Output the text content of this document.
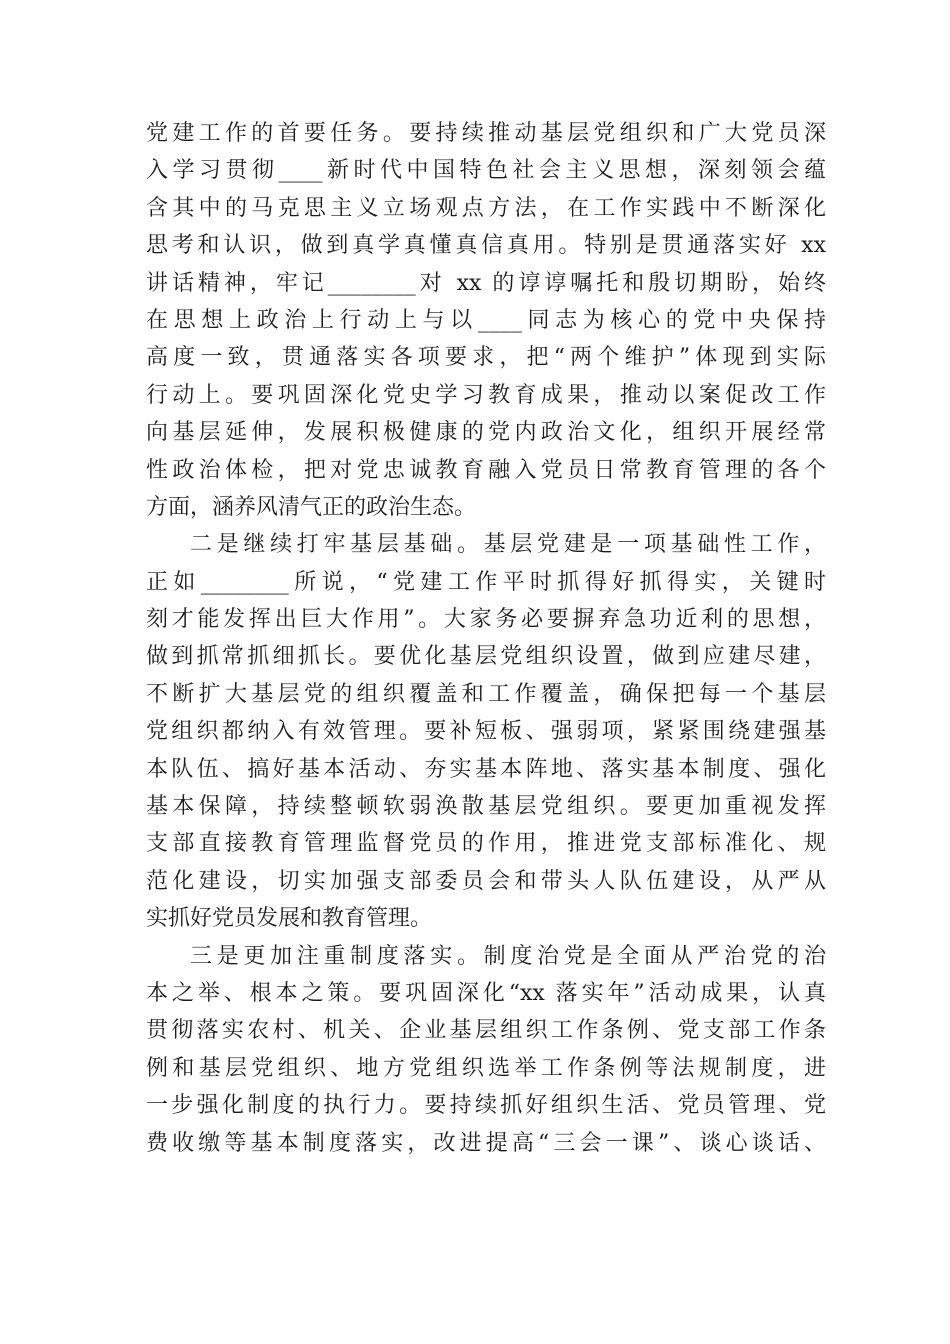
党建工作的首要任务。要持续推动基层党组织和广大党员深
入学习贯彻____新时代中国特色社会主义思想，深刻领会蕴
含其中的马克思主义立场观点方法，在工作实践中不断深化
思考和认识，做到真学真懂真信真用。特别是贯通落实好 xx
讲话精神，牢记________对 xx 的谆谆嘱托和殷切期盼，始终
在思想上政治上行动上与以____同志为核心的党中央保持
高度一致，贯通落实各项要求，把“两个维护”体现到实际
行动上。要巩固深化党史学习教育成果，推动以案促改工作
向基层延伸，发展积极健康的党内政治文化，组织开展经常
性政治体检，把对党忠诚教育融入党员日常教育管理的各个
方面，涵养风清气正的政治生态。
二是继续打牢基层基础。基层党建是一项基础性工作，
正如________所说，“党建工作平时抓得好抓得实，关键时
刻才能发挥出巨大作用”。大家务必要摒弃急功近利的思想，
做到抓常抓细抓长。要优化基层党组织设置，做到应建尽建，
不断扩大基层党的组织覆盖和工作覆盖，确保把每一个基层
党组织都纳入有效管理。要补短板、强弱项，紧紧围绕建强基
本队伍、搞好基本活动、夯实基本阵地、落实基本制度、强化
基本保障，持续整顿软弱涣散基层党组织。要更加重视发挥
支部直接教育管理监督党员的作用，推进党支部标准化、规
范化建设，切实加强支部委员会和带头人队伍建设，从严从
实抓好党员发展和教育管理。
三是更加注重制度落实。制度治党是全面从严治党的治
本之举、根本之策。要巩固深化“xx 落实年”活动成果，认真
贯彻落实农村、机关、企业基层组织工作条例、党支部工作条
例和基层党组织、地方党组织选举工作条例等法规制度，进
一步强化制度的执行力。要持续抓好组织生活、党员管理、党
费收缴等基本制度落实，改进提高“三会一课”、谈心谈话、
